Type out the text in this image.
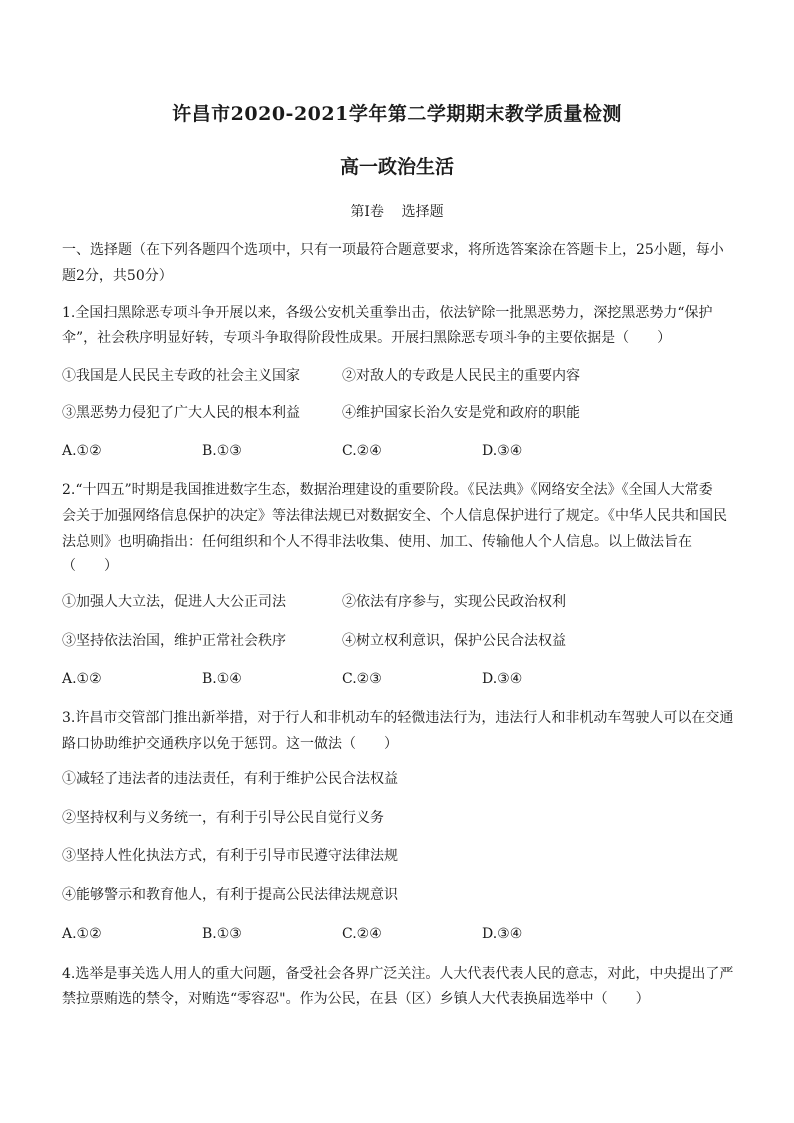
许昌市2020-2021学年第二学期期末教学质量检测
高一政治生活
第Ⅰ卷    选择题
一、选择题（在下列各题四个选项中，只有一项最符合题意要求，将所选答案涂在答题卡上，25小题，每小
题2分，共50分）
1.全国扫黑除恶专项斗争开展以来，各级公安机关重拳出击，依法铲除一批黑恶势力，深挖黑恶势力“保护
伞”，社会秩序明显好转，专项斗争取得阶段性成果。开展扫黑除恶专项斗争的主要依据是（　　）
①我国是人民民主专政的社会主义国家	②对敌人的专政是人民民主的重要内容
③黑恶势力侵犯了广大人民的根本利益	④维护国家长治久安是党和政府的职能
A.①②	B.①③	C.②④	D.③④
2.“十四五”时期是我国推进数字生态，数据治理建设的重要阶段。《民法典》《网络安全法》《全国人大常委
会关于加强网络信息保护的决定》等法律法规已对数据安全、个人信息保护进行了规定。《中华人民共和国民
法总则》也明确指出：任何组织和个人不得非法收集、使用、加工、传输他人个人信息。以上做法旨在
（　　）
①加强人大立法，促进人大公正司法	②依法有序参与，实现公民政治权利
③坚持依法治国，维护正常社会秩序	④树立权利意识，保护公民合法权益
A.①②	B.①④	C.②③	D.③④
3.许昌市交管部门推出新举措，对于行人和非机动车的轻微违法行为，违法行人和非机动车驾驶人可以在交通
路口协助维护交通秩序以免于惩罚。这一做法（　　）
①减轻了违法者的违法责任，有利于维护公民合法权益
②坚持权利与义务统一，有利于引导公民自觉行义务
③坚持人性化执法方式，有利于引导市民遵守法律法规
④能够警示和教育他人，有利于提高公民法律法规意识
A.①②	B.①③	C.②④	D.③④
4.选举是事关选人用人的重大问题，备受社会各界广泛关注。人大代表代表人民的意志，对此，中央提出了严
禁拉票贿选的禁令，对贿选“零容忍"。作为公民，在县（区）乡镇人大代表换届选举中（　　）
